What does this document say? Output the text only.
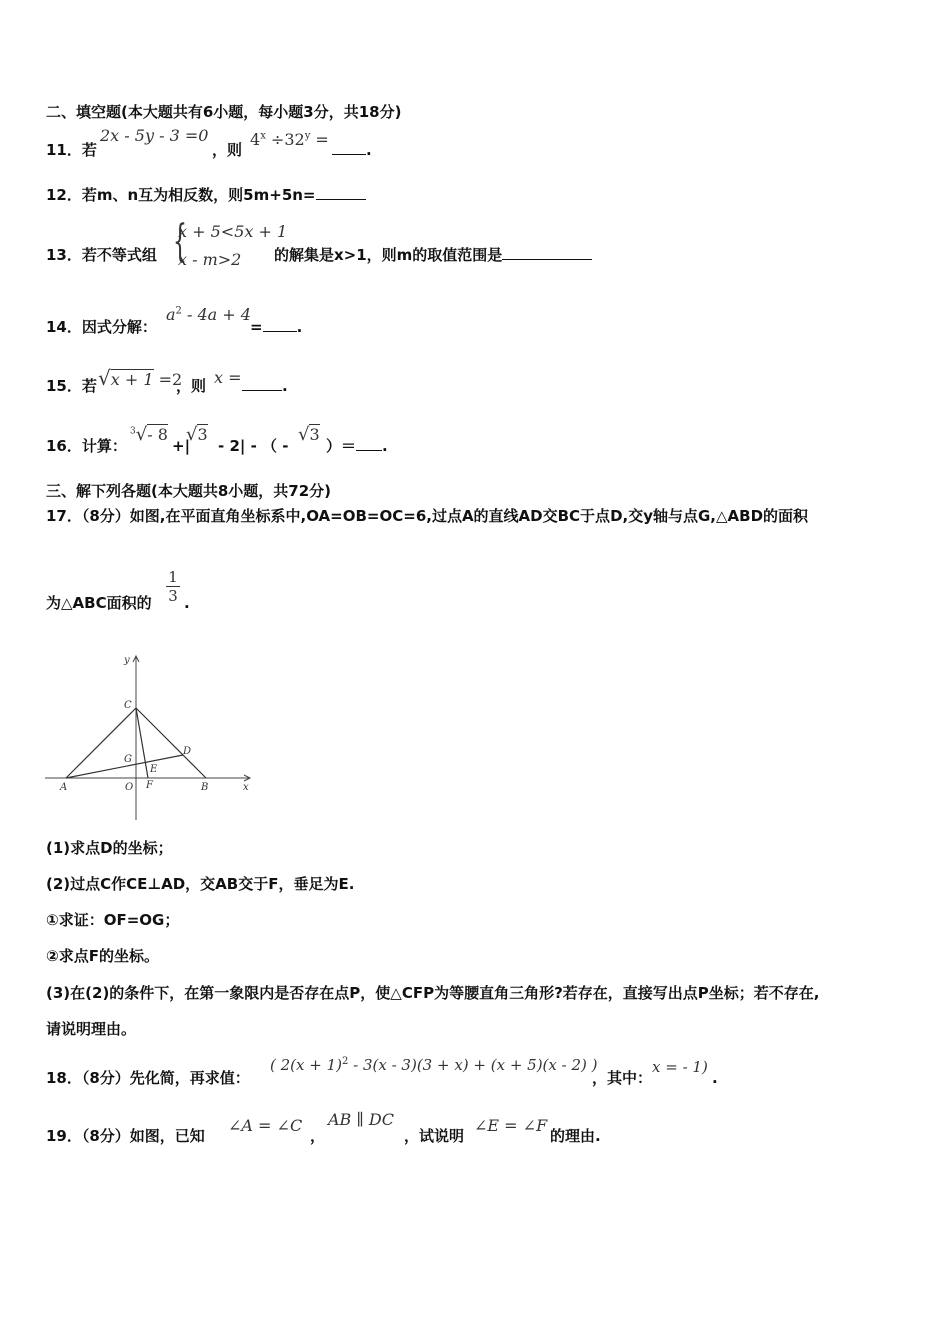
二、填空题(本大题共有6小题，每小题3分，共18分)
11．若
2x - 5y - 3 =0
，则
$4^x \div 32^y$ =
.
12．若m、n互为相反数，则5m+5n=
13．若不等式组 {
x + 5<5x + 1
x - m>2 的解集是x>1，则m的取值范围是
14．因式分解：
$a^2 - 4a + 4$
= .
15．若 √x + 1 =2
，则 x =	.
16．计算：
$^3$√- 8
+|
√3
- 2| - （ -
√3
）＝ .
三、解下列各题(本大题共8小题，共72分)
17．（8分）如图,在平面直角坐标系中,OA=OB=OC=6,过点A的直线AD交BC于点D,交y轴与点G,△ABD的面积
为△ABC面积的
1
3 .
y
x
C
D
G
E
A	O F	B
(1)求点D的坐标；
(2)过点C作CE⊥AD，交AB交于F，垂足为E.
①求证：OF=OG；
②求点F的坐标。
(3)在(2)的条件下，在第一象限内是否存在点P，使△CFP为等腰直角三角形?若存在，直接写出点P坐标；若不存在,
请说明理由。
18．（8分）先化简，再求值：
( $2(x + 1)^2 - 3(x - 3)(3 + x) + (x + 5)(x - 2)$ )
，其中：
x = - 1)
.
19．（8分）如图，已知
∠A = ∠C
，
AB ∥ DC
，试说明
∠E = ∠F
的理由.
